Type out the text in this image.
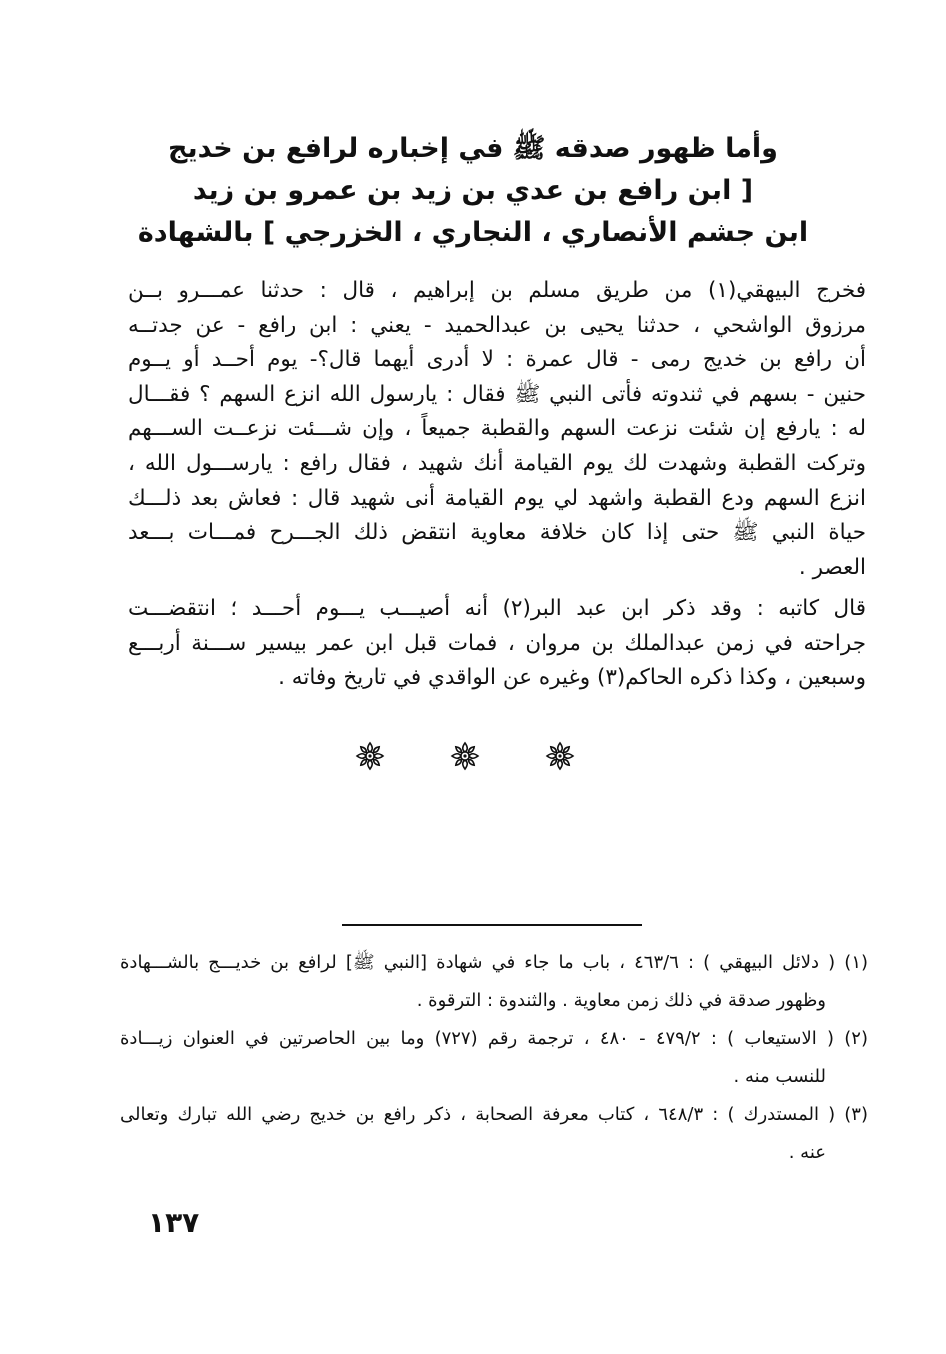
وأما ظهور صدقه ﷺ في إخباره لرافع بن خديج
[ ابن رافع بن عدي بن زيد بن عمرو بن زيد
ابن جشم الأنصاري ، النجاري ، الخزرجي ] بالشهادة
فخرج البيهقي(١) من طريق مسلم بن إبراهيم ، قال : حدثنا عمـــرو بــن
مرزوق الواشحي ، حدثنا يحيى بن عبدالحميد - يعني : ابن رافع - عن جدتــه
أن رافع بن خديج رمى - قال عمرة : لا أدرى أيهما قال؟- يوم أحــد أو يــوم
حنين - بسهم في ثندوته فأتى النبي ﷺ فقال : يارسول الله انزع السهم ؟ فقـــال
له : يارفع إن شئت نزعت السهم والقطبة جميعاً ، وإن شـــئت نزعــت الســـهم
وتركت القطبة وشهدت لك يوم القيامة أنك شهيد ، فقال رافع : يارســـول الله ،
انزع السهم ودع القطبة واشهد لي يوم القيامة أنى شهيد قال : فعاش بعد ذلـــك
حياة النبي ﷺ حتى إذا كان خلافة معاوية انتقض ذلك الجـــرح فمـــات بـــعد
العصر .
قال كاتبه : وقد ذكر ابن عبد البر(٢) أنه أصيـــب يـــوم أحـــد ؛ انتقضـــت
جراحته في زمن عبدالملك بن مروان ، فمات قبل ابن عمر بيسير ســـنة أربـــع
وسبعين ، وكذا ذكره الحاكم(٣) وغيره عن الواقدي في تاريخ وفاته .
(١) ( دلائل البيهقي ) : ٤٦٣/٦ ، باب ما جاء في شهادة [النبي ﷺ] لرافع بن خديـــج بالشـــهادة
وظهور صدقة في ذلك زمن معاوية . والثندوة : الترقوة .
(٢) ( الاستيعاب ) : ٤٧٩/٢ - ٤٨٠ ، ترجمة رقم (٧٢٧) وما بين الحاصرتين في العنوان زيـــادة
للنسب منه .
(٣) ( المستدرك ) : ٦٤٨/٣ ، كتاب معرفة الصحابة ، ذكر رافع بن خديج رضي الله تبارك وتعالى
عنه .
١٣٧
